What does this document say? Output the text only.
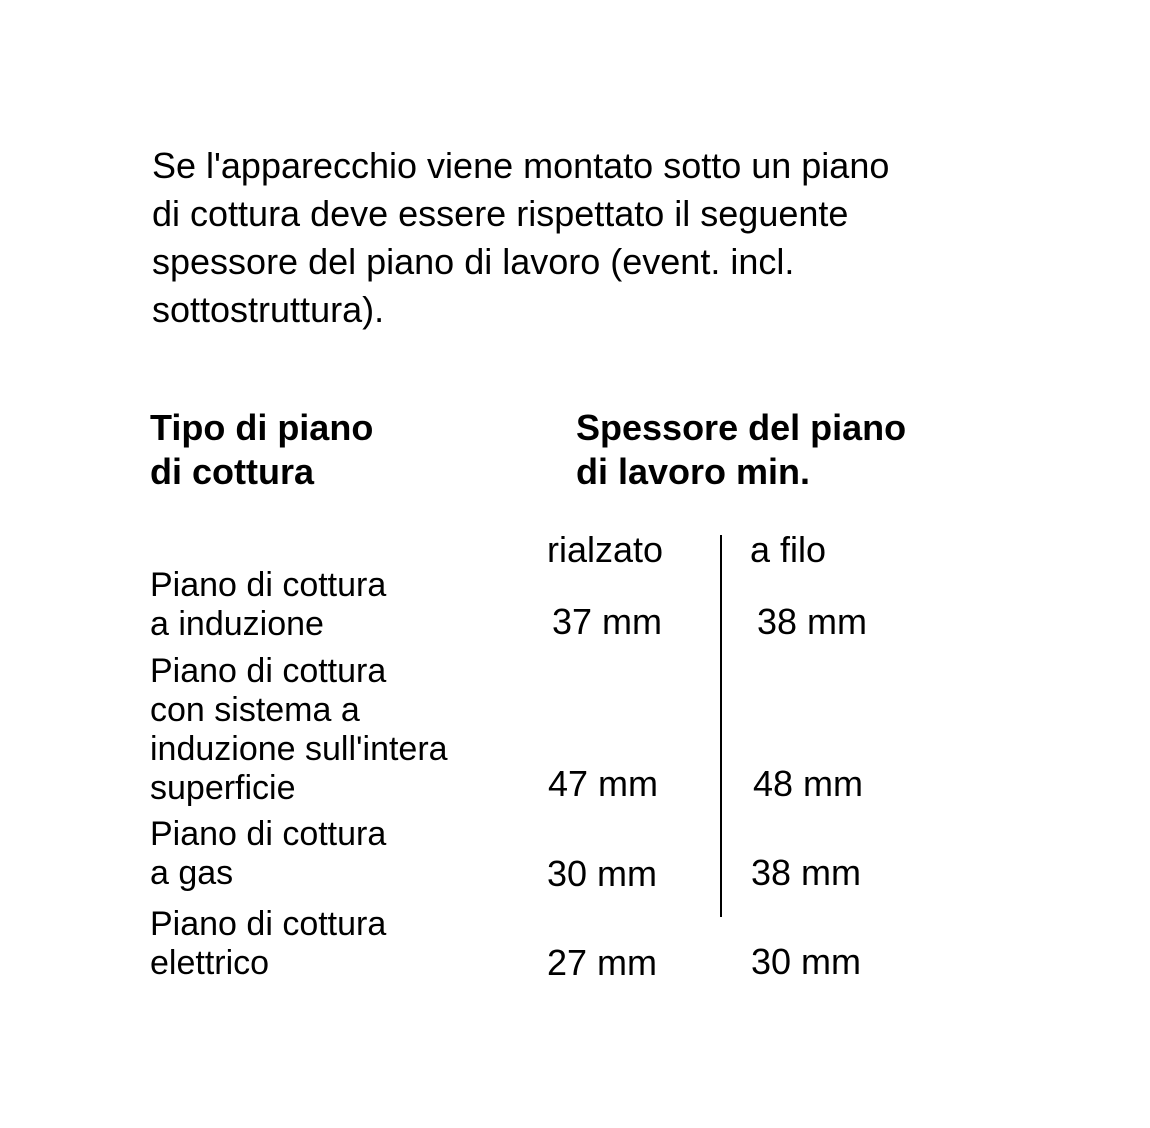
Se l'apparecchio viene montato sotto un piano
di cottura deve essere rispettato il seguente
spessore del piano di lavoro (event. incl.
sottostruttura).

Tipo di piano
di cottura
Spessore del piano
di lavoro min.
rialzato a filo

Piano di cottura
a induzione	37 mm	38 mm

Piano di cottura
con sistema a
induzione sull'intera
superficie	47 mm	48 mm

Piano di cottura
a gas	30 mm	38 mm

Piano di cottura
elettrico	27 mm	30 mm
